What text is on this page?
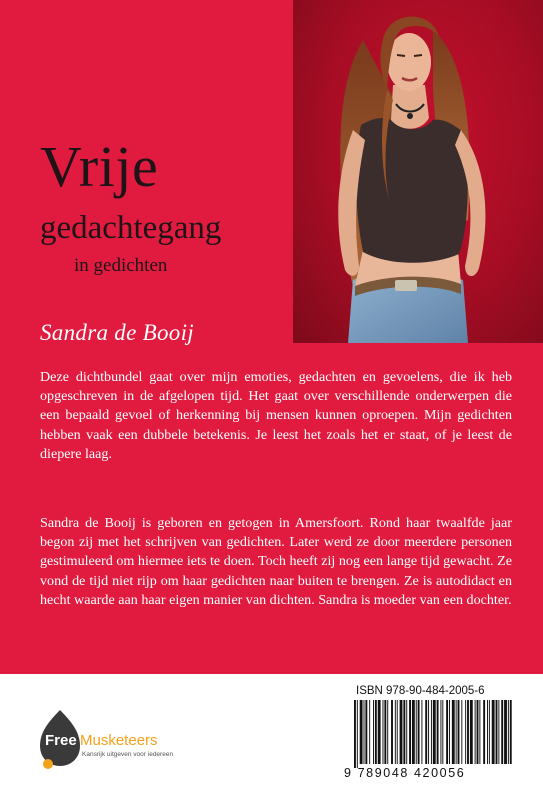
Vrije
gedachtegang
in gedichten
Sandra de Booij

Deze dichtbundel gaat over mijn emoties, gedachten en gevoelens, die ik heb opgeschreven in de afgelopen tijd. Het gaat over verschillende onderwerpen die een bepaald gevoel of herkenning bij mensen kunnen oproepen. Mijn gedichten hebben vaak een dubbele betekenis. Je leest het zoals het er staat, of je leest de diepere laag.

Sandra de Booij is geboren en getogen in Amersfoort. Rond haar twaalfde jaar begon zij met het schrijven van gedichten. Later werd ze door meerdere personen gestimuleerd om hiermee iets te doen. Toch heeft zij nog een lange tijd gewacht. Ze vond de tijd niet rijp om haar gedichten naar buiten te brengen. Ze is autodidact en hecht waarde aan haar eigen manier van dichten. Sandra is moeder van een dochter.

Free Musketeers
Kansrijk uitgeven voor iedereen
ISBN 978-90-484-2005-6
9 789048 420056
